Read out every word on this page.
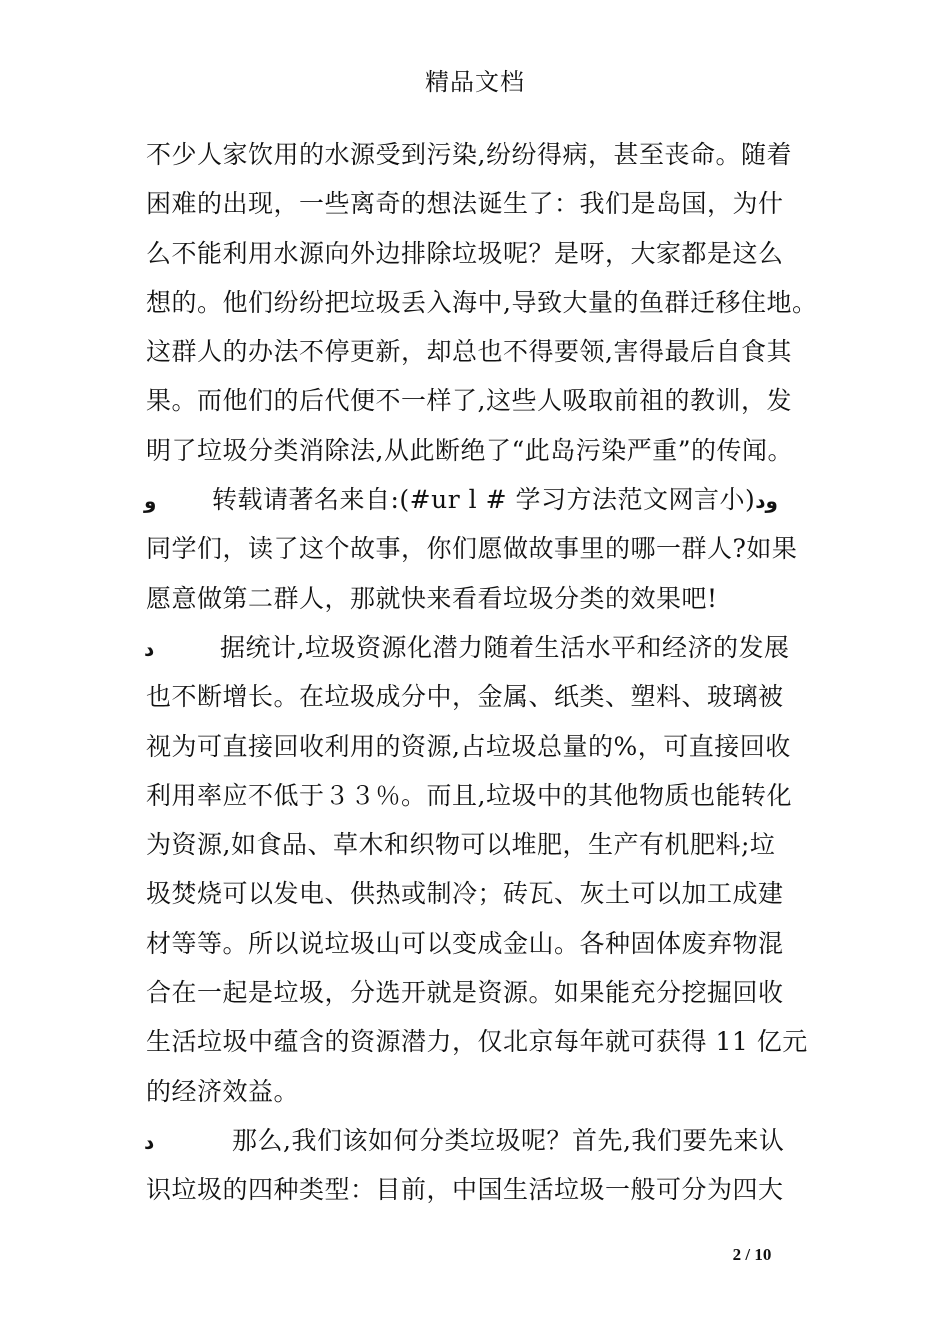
精品文档
不少人家饮用的水源受到污染,纷纷得病，甚至丧命。随着
困难的出现，一些离奇的想法诞生了：我们是岛国，为什
么不能利用水源向外边排除垃圾呢？是呀，大家都是这么
想的。他们纷纷把垃圾丢入海中,导致大量的鱼群迁移住地。
这群人的办法不停更新，却总也不得要领,害得最后自食其
果。而他们的后代便不一样了,这些人吸取前祖的教训，发
明了垃圾分类消除法,从此断绝了“此岛污染严重”的传闻。
ﻭ 转载请著名来自:(#ur l # 学习方法范文网言小)ﻭﺩ
同学们，读了这个故事，你们愿做故事里的哪一群人?如果
愿意做第二群人，那就快来看看垃圾分类的效果吧!
ﺩ	据统计,垃圾资源化潜力随着生活水平和经济的发展
也不断增长。在垃圾成分中，金属、纸类、塑料、玻璃被
视为可直接回收利用的资源,占垃圾总量的%，可直接回收
利用率应不低于３３％。而且,垃圾中的其他物质也能转化
为资源,如食品、草木和织物可以堆肥，生产有机肥料;垃
圾焚烧可以发电、供热或制冷；砖瓦、灰土可以加工成建
材等等。所以说垃圾山可以变成金山。各种固体废弃物混
合在一起是垃圾，分选开就是资源。如果能充分挖掘回收
生活垃圾中蕴含的资源潜力，仅北京每年就可获得 11 亿元
的经济效益。
ﺩ	那么,我们该如何分类垃圾呢？首先,我们要先来认
识垃圾的四种类型：目前，中国生活垃圾一般可分为四大
2 / 10
